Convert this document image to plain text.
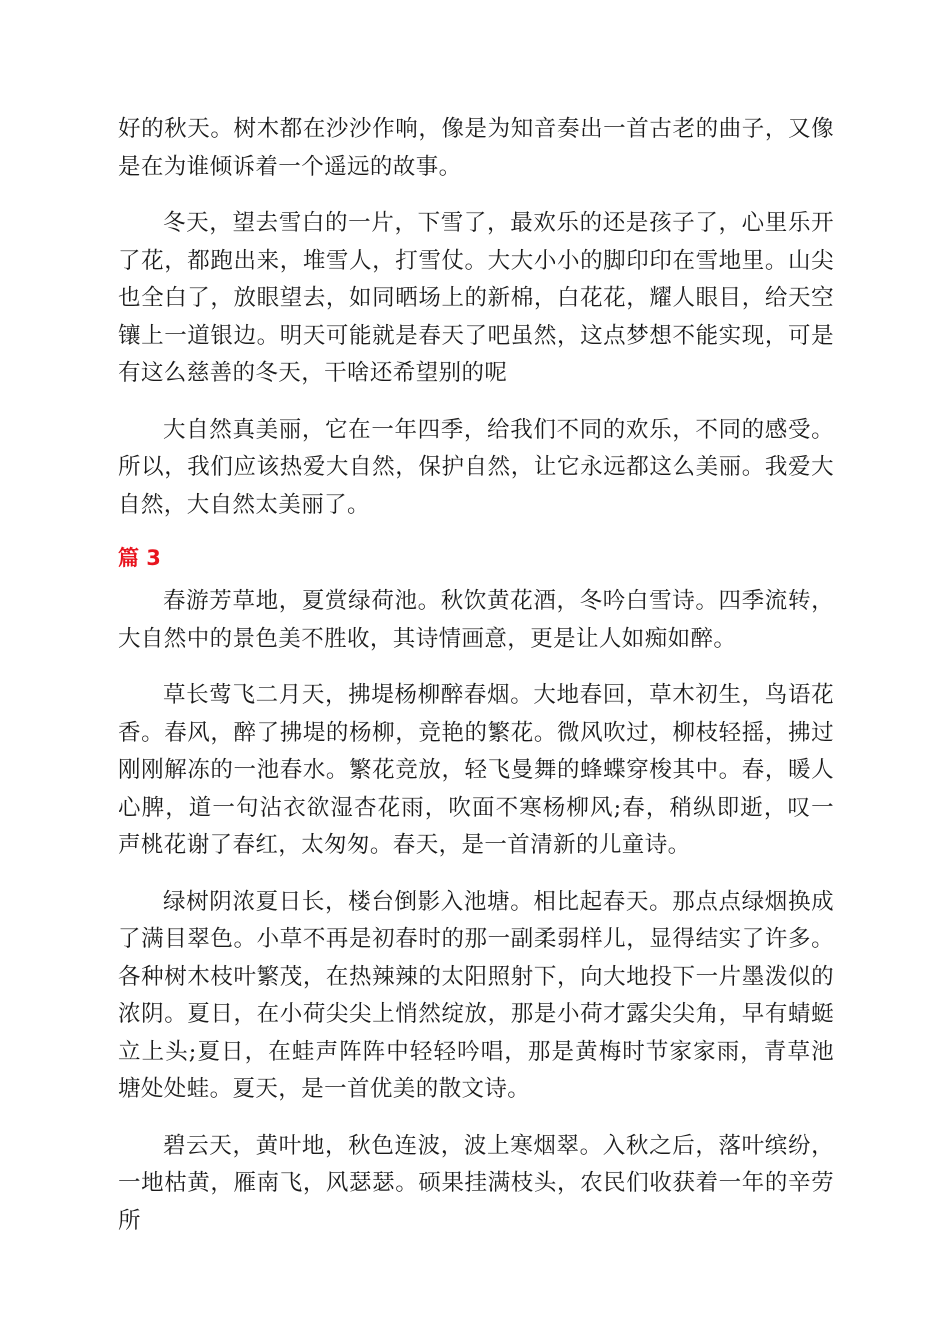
好的秋天。树木都在沙沙作响，像是为知音奏出一首古老的曲子，又像是在为谁倾诉着一个遥远的故事。

冬天，望去雪白的一片，下雪了，最欢乐的还是孩子了，心里乐开了花，都跑出来，堆雪人，打雪仗。大大小小的脚印印在雪地里。山尖也全白了，放眼望去，如同晒场上的新棉，白花花，耀人眼目，给天空镶上一道银边。明天可能就是春天了吧虽然，这点梦想不能实现，可是有这么慈善的冬天，干啥还希望别的呢

大自然真美丽，它在一年四季，给我们不同的欢乐，不同的感受。所以，我们应该热爱大自然，保护自然，让它永远都这么美丽。我爱大自然，大自然太美丽了。

篇 3

春游芳草地，夏赏绿荷池。秋饮黄花酒，冬吟白雪诗。四季流转，大自然中的景色美不胜收，其诗情画意，更是让人如痴如醉。

草长莺飞二月天，拂堤杨柳醉春烟。大地春回，草木初生，鸟语花香。春风，醉了拂堤的杨柳，竞艳的繁花。微风吹过，柳枝轻摇，拂过刚刚解冻的一池春水。繁花竞放，轻飞曼舞的蜂蝶穿梭其中。春，暖人心脾，道一句沾衣欲湿杏花雨，吹面不寒杨柳风;春，稍纵即逝，叹一声桃花谢了春红，太匆匆。春天，是一首清新的儿童诗。

绿树阴浓夏日长，楼台倒影入池塘。相比起春天。那点点绿烟换成了满目翠色。小草不再是初春时的那一副柔弱样儿，显得结实了许多。各种树木枝叶繁茂，在热辣辣的太阳照射下，向大地投下一片墨泼似的浓阴。夏日，在小荷尖尖上悄然绽放，那是小荷才露尖尖角，早有蜻蜓立上头;夏日，在蛙声阵阵中轻轻吟唱，那是黄梅时节家家雨，青草池塘处处蛙。夏天，是一首优美的散文诗。

碧云天，黄叶地，秋色连波，波上寒烟翠。入秋之后，落叶缤纷，一地枯黄，雁南飞，风瑟瑟。硕果挂满枝头，农民们收获着一年的辛劳所
